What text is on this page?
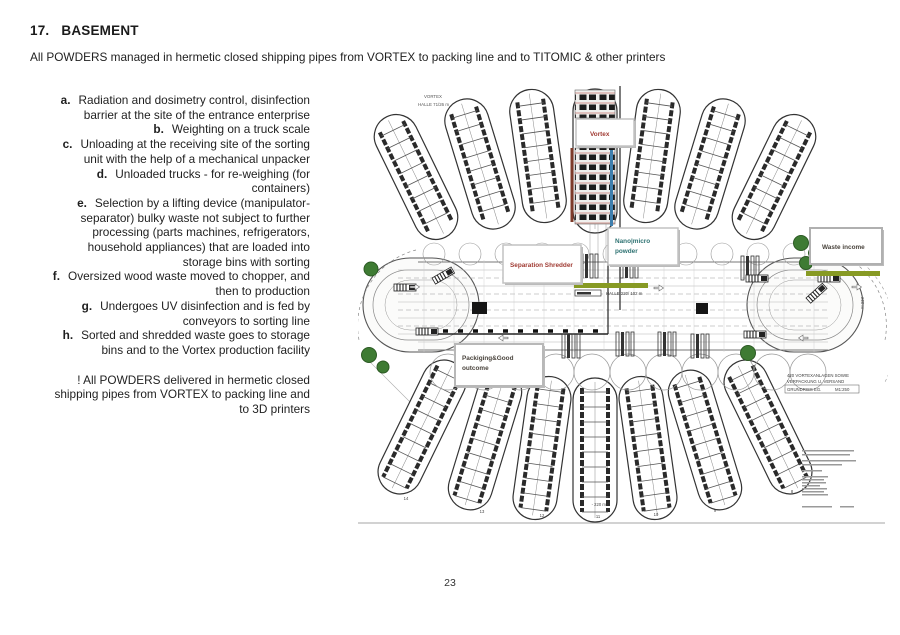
17. BASEMENT
All POWDERS managed in hermetic closed shipping pipes from VORTEX to packing line and to TITOMIC & other printers
a. Radiation and dosimetry control, disinfection barrier at the site of the entrance enterprise
b. Weighting on a truck scale
c. Unloading at the receiving site of the sorting unit with the help of a mechanical unpacker
d. Unloaded trucks - for re-weighing (for containers)
e. Selection by a lifting device (manipulator-separator) bulky waste not subject to further processing (parts machines, refrigerators, household appliances) that are loaded into storage bins with sorting
f. Oversized wood waste moved to chopper, and then to production
g. Undergoes UV disinfection and is fed by conveyors to sorting line
h. Sorted and shredded waste goes to storage bins and to the Vortex production facility
! All POWDERS delivered in hermetic closed shipping pipes from VORTEX to packing line and to 3D printers
VORTEX
HALLE 71/26 m
HALLE 220/ 102 m
- 220 m -
220 m
14
13
12	11	10
9
8
Vortex
Separation Shredder
Nano|micro
powder
Waste income
Packiging&Good
outcome
420 VORTEXANLAGEN SOWIE
VERPACKUNG U. VERSAND
GRUNDRISS EG.	M1:250
23
